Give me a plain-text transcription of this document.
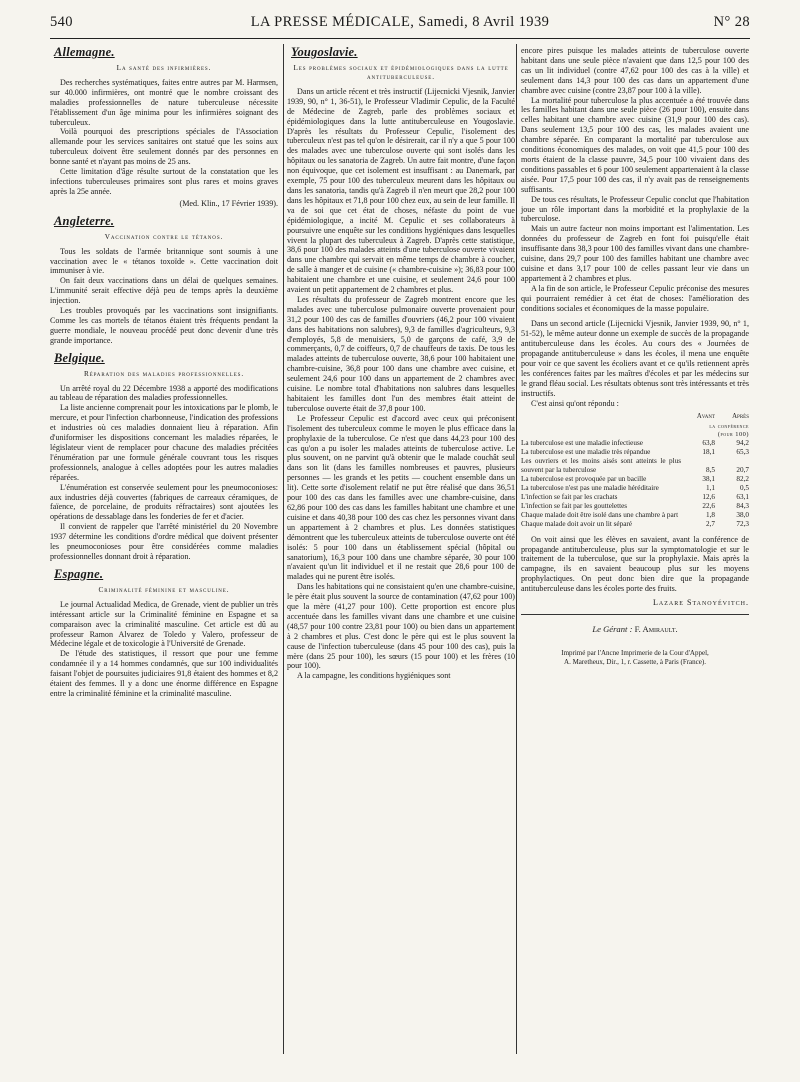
540	LA PRESSE MÉDICALE, Samedi, 8 Avril 1939	N° 28
Allemagne.
La santé des infirmières.

Des recherches systématiques, faites entre autres par M. Harmsen, sur 40.000 infirmières, ont montré que le nombre croissant des maladies professionnelles de nature tuberculeuse nécessite l'établissement d'un âge minima pour les infirmières soignant des tuberculeux.

Voilà pourquoi des prescriptions spéciales de l'Association allemande pour les services sanitaires ont statué que les soins aux tuberculeux doivent être seulement donnés par des personnes en bonne santé et n'ayant pas moins de 25 ans.

Cette limitation d'âge résulte surtout de la constatation que les infections tuberculeuses primaires sont plus rares et moins graves après la 25e année.

(Med. Klin., 17 Février 1939).

Angleterre.
Vaccination contre le tétanos.

Tous les soldats de l'armée britannique sont soumis à une vaccination avec le « tétanos toxoïde ». Cette vaccination doit immuniser à vie.

On fait deux vaccinations dans un délai de quelques semaines. L'immunité serait effective déjà peu de temps après la deuxième injection.

Les troubles provoqués par les vaccinations sont insignifiants. Comme les cas mortels de tétanos étaient très fréquents pendant la guerre mondiale, le nouveau procédé peut donc devenir d'une très grande importance.

Belgique.
Réparation des maladies professionnelles.

Un arrêté royal du 22 Décembre 1938 a apporté des modifications au tableau de réparation des maladies professionnelles.

La liste ancienne comprenait pour les intoxications par le plomb, le mercure, et pour l'infection charbonneuse, l'indication des professions et industries où ces maladies donnaient lieu à réparation. Afin d'uniformiser les dispositions concernant les maladies réparées, le législateur vient de remplacer pour chacune des maladies précitées l'énumération par une formule générale couvrant tous les risques professionnels, analogue à celles adoptées pour les autres maladies réparées.

L'énumération est conservée seulement pour les pneumoconioses: aux industries déjà couvertes (fabriques de carreaux céramiques, de faïence, de porcelaine, de produits réfractaires) sont ajoutées les opérations de dessablage dans les fonderies de fer et d'acier.

Il convient de rappeler que l'arrêté ministériel du 20 Novembre 1937 détermine les conditions d'ordre médical que doivent présenter les pneumoconioses pour être considérées comme maladies professionnelles donnant droit à réparation.

Espagne.
Criminalité féminine et masculine.

Le journal Actualidad Medica, de Grenade, vient de publier un très intéressant article sur la Criminalité féminine en Espagne et sa comparaison avec la criminalité masculine. Cet article est dû au professeur Ramon Alvarez de Toledo y Valero, professeur de Médecine légale et de toxicologie à l'Université de Grenade.

De l'étude des statistiques, il ressort que pour une femme condamnée il y a 14 hommes condamnés, que sur 100 individualités faisant l'objet de poursuites judiciaires 91,8 étaient des hommes et 8,2 étaient des femmes. Il y a donc une énorme différence en Espagne entre la criminalité féminine et la criminalité masculine.

Yougoslavie.
Les problèmes sociaux et épidémiologiques dans la lutte antituberculeuse.

Dans un article récent et très instructif (Lijecnicki Vjesnik, Janvier 1939, 90, n° 1, 36-51), le Professeur Vladimir Cepulic, de la Faculté de Médecine de Zagreb, parle des problèmes sociaux et épidémiologiques dans la lutte antituberculeuse en Yougoslavie. D'après les résultats du Professeur Cepulic, l'isolement des tuberculeux n'est pas tel qu'on le désirerait, car il n'y a que 5 pour 100 des malades avec une tuberculose ouverte qui sont isolés dans les hôpitaux ou les sanatoria de Zagreb. Un autre fait montre, d'une façon non équivoque, que cet isolement est insuffisant : au Danemark, par exemple, 75 pour 100 des tuberculeux meurent dans les hôpitaux ou dans les sanatoria, tandis qu'à Zagreb il n'en meurt que 28,2 pour 100 dans les hôpitaux et 71,8 pour 100 chez eux, au sein de leur famille. Il va de soi que cet état de choses, néfaste du point de vue épidémiologique, a incité M. Cepulic et ses collaborateurs à poursuivre une enquête sur les conditions hygiéniques dans lesquelles vivent la plupart des tuberculeux à Zagreb. D'après cette statistique, 38,6 pour 100 des malades atteints d'une tuberculose ouverte vivaient dans une chambre qui servait en même temps de chambre à coucher, de salle à manger et de cuisine (« chambre-cuisine »); 36,83 pour 100 habitaient une chambre et une cuisine, et seulement 24,6 pour 100 avaient un petit appartement de 2 chambres et plus.

Les résultats du professeur de Zagreb montrent encore que les malades avec une tuberculose pulmonaire ouverte provenaient pour 31,2 pour 100 des cas de familles d'ouvriers (46,2 pour 100 vivaient dans des habitations non salubres), 9,3 de familles d'agriculteurs, 9,3 d'employés, 5,8 de menuisiers, 5,0 de garçons de café, 3,9 de commerçants, 0,7 de coiffeurs, 0,7 de chauffeurs de taxis. De tous les malades atteints de tuberculose ouverte, 38,6 pour 100 habitaient une chambre-cuisine, 36,8 pour 100 dans une chambre avec cuisine, et seulement 24,6 pour 100 dans un appartement de 2 chambres avec cuisine. Le nombre total d'habitations non salubres dans lesquelles habitaient les familles dont l'un des membres était atteint de tuberculose ouverte était de 37,8 pour 100.

Le Professeur Cepulic est d'accord avec ceux qui préconisent l'isolement des tuberculeux comme le moyen le plus efficace dans la prophylaxie de la tuberculose. Ce n'est que dans 44,23 pour 100 des cas qu'on a pu isoler les malades atteints de tuberculose active. Le plus souvent, on ne parvint qu'à obtenir que le malade couchât seul dans son lit (dans les familles nombreuses et pauvres, plusieurs personnes — les grands et les petits — couchent ensemble dans un lit). Cette sorte d'isolement relatif ne put être réalisé que dans 36,51 pour 100 des cas dans les familles avec une chambre-cuisine, dans 62,86 pour 100 des cas dans les familles habitant une chambre et une cuisine et dans 40,38 pour 100 des cas chez les personnes vivant dans un appartement à 2 chambres et plus. Les données statistiques démontrent que les tuberculeux atteints de tuberculose ouverte ont été isolés: 5 pour 100 dans un établissement spécial (hôpital ou sanatorium), 16,3 pour 100 dans une chambre séparée, 30 pour 100 n'avaient qu'un lit individuel et il ne restait que 28,6 pour 100 de malades qui ne purent être isolés.

Dans les habitations qui ne consistaient qu'en une chambre-cuisine, le père était plus souvent la source de contamination (47,62 pour 100) que la mère (41,27 pour 100). Cette proportion est encore plus accentuée dans les familles vivant dans une chambre et une cuisine (48,57 pour 100 contre 23,81 pour 100) ou bien dans un appartement à 2 chambres et plus. C'est donc le père qui est le plus souvent la cause de l'infection tuberculeuse (dans 45 pour 100 des cas), puis la mère (dans 25 pour 100), les sœurs (15 pour 100) et les frères (10 pour 100).

A la campagne, les conditions hygiéniques sont

encore pires puisque les malades atteints de tuberculose ouverte habitant dans une seule pièce n'avaient que dans 12,5 pour 100 des cas un lit individuel (contre 47,62 pour 100 des cas à la ville) et seulement dans 14,3 pour 100 des cas dans un appartement d'une chambre avec cuisine (contre 23,87 pour 100 à la ville).

La mortalité pour tuberculose la plus accentuée a été trouvée dans les familles habitant dans une seule pièce (26 pour 100), ensuite dans celles habitant une chambre avec cuisine (31,9 pour 100 des cas). Dans seulement 13,5 pour 100 des cas, les malades avaient une chambre séparée. En comparant la mortalité par tuberculose aux conditions économiques des malades, on voit que 41,5 pour 100 des morts étaient de la classe pauvre, 34,5 pour 100 vivaient dans des conditions passables et 6 pour 100 seulement appartenaient à la classe aisée. Pour 17,5 pour 100 des cas, il n'y avait pas de renseignements suffisants.

De tous ces résultats, le Professeur Cepulic conclut que l'habitation joue un rôle important dans la morbidité et la prophylaxie de la tuberculose.

Mais un autre facteur non moins important est l'alimentation. Les données du professeur de Zagreb en font foi puisqu'elle était insuffisante dans 38,3 pour 100 des familles vivant dans une chambre-cuisine, dans 29,7 pour 100 des familles habitant une chambre avec cuisine et dans 3,17 pour 100 de celles passant leur vie dans un appartement à 2 chambres et plus.

A la fin de son article, le Professeur Cepulic préconise des mesures qui pourraient remédier à cet état de choses: l'amélioration des conditions sociales et économiques de la masse populaire.

Dans un second article (Lijecnicki Vjesnik, Janvier 1939, 90, n° 1, 51-52), le même auteur donne un exemple de succès de la propagande antituberculeuse dans les écoles. Au cours des « Journées de propagande antituberculeuse » dans les écoles, il mena une enquête pour voir ce que savent les écoliers avant et ce qu'ils retiennent après les conférences faites par les maîtres d'écoles et par les médecins sur le grand fléau social. Les résultats obtenus sont très intéressants et très instructifs.

C'est ainsi qu'ont répondu :

	Avant	Après

	la conférence
(pour 100)	

La tuberculose est une maladie infectieuse	63,8	94,2
La tuberculose est une maladie très répandue	18,1	65,3
Les ouvriers et les moins aisés sont atteints le plus souvent par la tuberculose	8,5	20,7
La tuberculose est provoquée par un bacille	38,1	82,2
La tuberculose n'est pas une maladie héréditaire	1,1	0,5
L'infection se fait par les crachats	12,6	63,1
L'infection se fait par les gouttelettes	22,6	84,3
Chaque malade doit être isolé dans une chambre à part	1,8	38,0
Chaque malade doit avoir un lit séparé	2,7	72,3

On voit ainsi que les élèves en savaient, avant la conférence de propagande antituberculeuse, plus sur la symptomatologie et sur le traitement de la tuberculose, que sur la prophylaxie. Mais après la campagne, ils en savaient beaucoup plus sur les moyens prophylactiques. On peut donc bien dire que la propagande antituberculeuse dans les écoles porte des fruits.

Lazare Stanoyévitch.
Le Gérant : F. Amirault.
Imprimé par l'Ancne Imprimerie de la Cour d'Appel,
A. Maretheux, Dir., 1, r. Cassette, à Paris (France).
